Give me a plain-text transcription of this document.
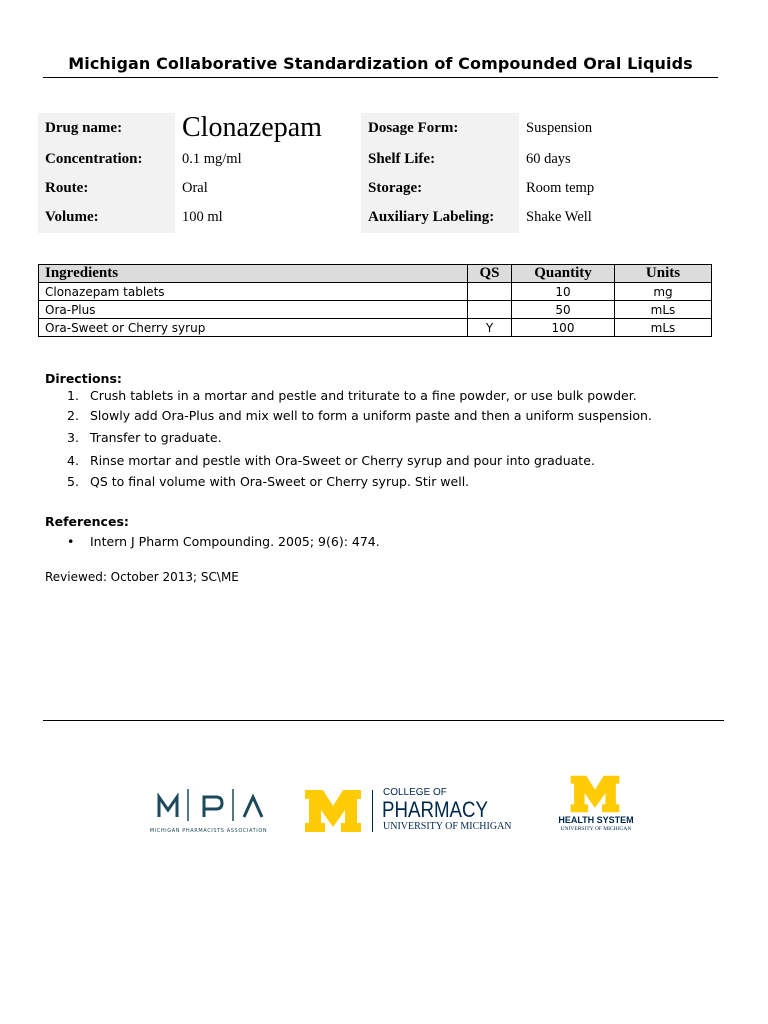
Michigan Collaborative Standardization of Compounded Oral Liquids
Drug name: Clonazepam
Concentration:	0.1 mg/ml
Route:	Oral
Volume:	100 ml
Dosage Form:	Suspension
Shelf Life:	60 days
Storage:	Room temp
Auxiliary Labeling: Shake Well
Ingredients	QS	Quantity	Units
Clonazepam tablets		10	mg
Ora-Plus		50	mLs
Ora-Sweet or Cherry syrup	Y	100	mLs
Directions:
1. Crush tablets in a mortar and pestle and triturate to a fine powder, or use bulk powder.
2. Slowly add Ora-Plus and mix well to form a uniform paste and then a uniform suspension.
3. Transfer to graduate.
4. Rinse mortar and pestle with Ora-Sweet or Cherry syrup and pour into graduate.
5. QS to final volume with Ora-Sweet or Cherry syrup. Stir well.
References:
• Intern J Pharm Compounding. 2005; 9(6): 474.
Reviewed: October 2013; SC\ME
MICHIGAN PHARMACISTS ASSOCIATION
COLLEGE OF
PHARMACY
UNIVERSITY OF MICHIGAN
HEALTH SYSTEM
UNIVERSITY OF MICHIGAN
